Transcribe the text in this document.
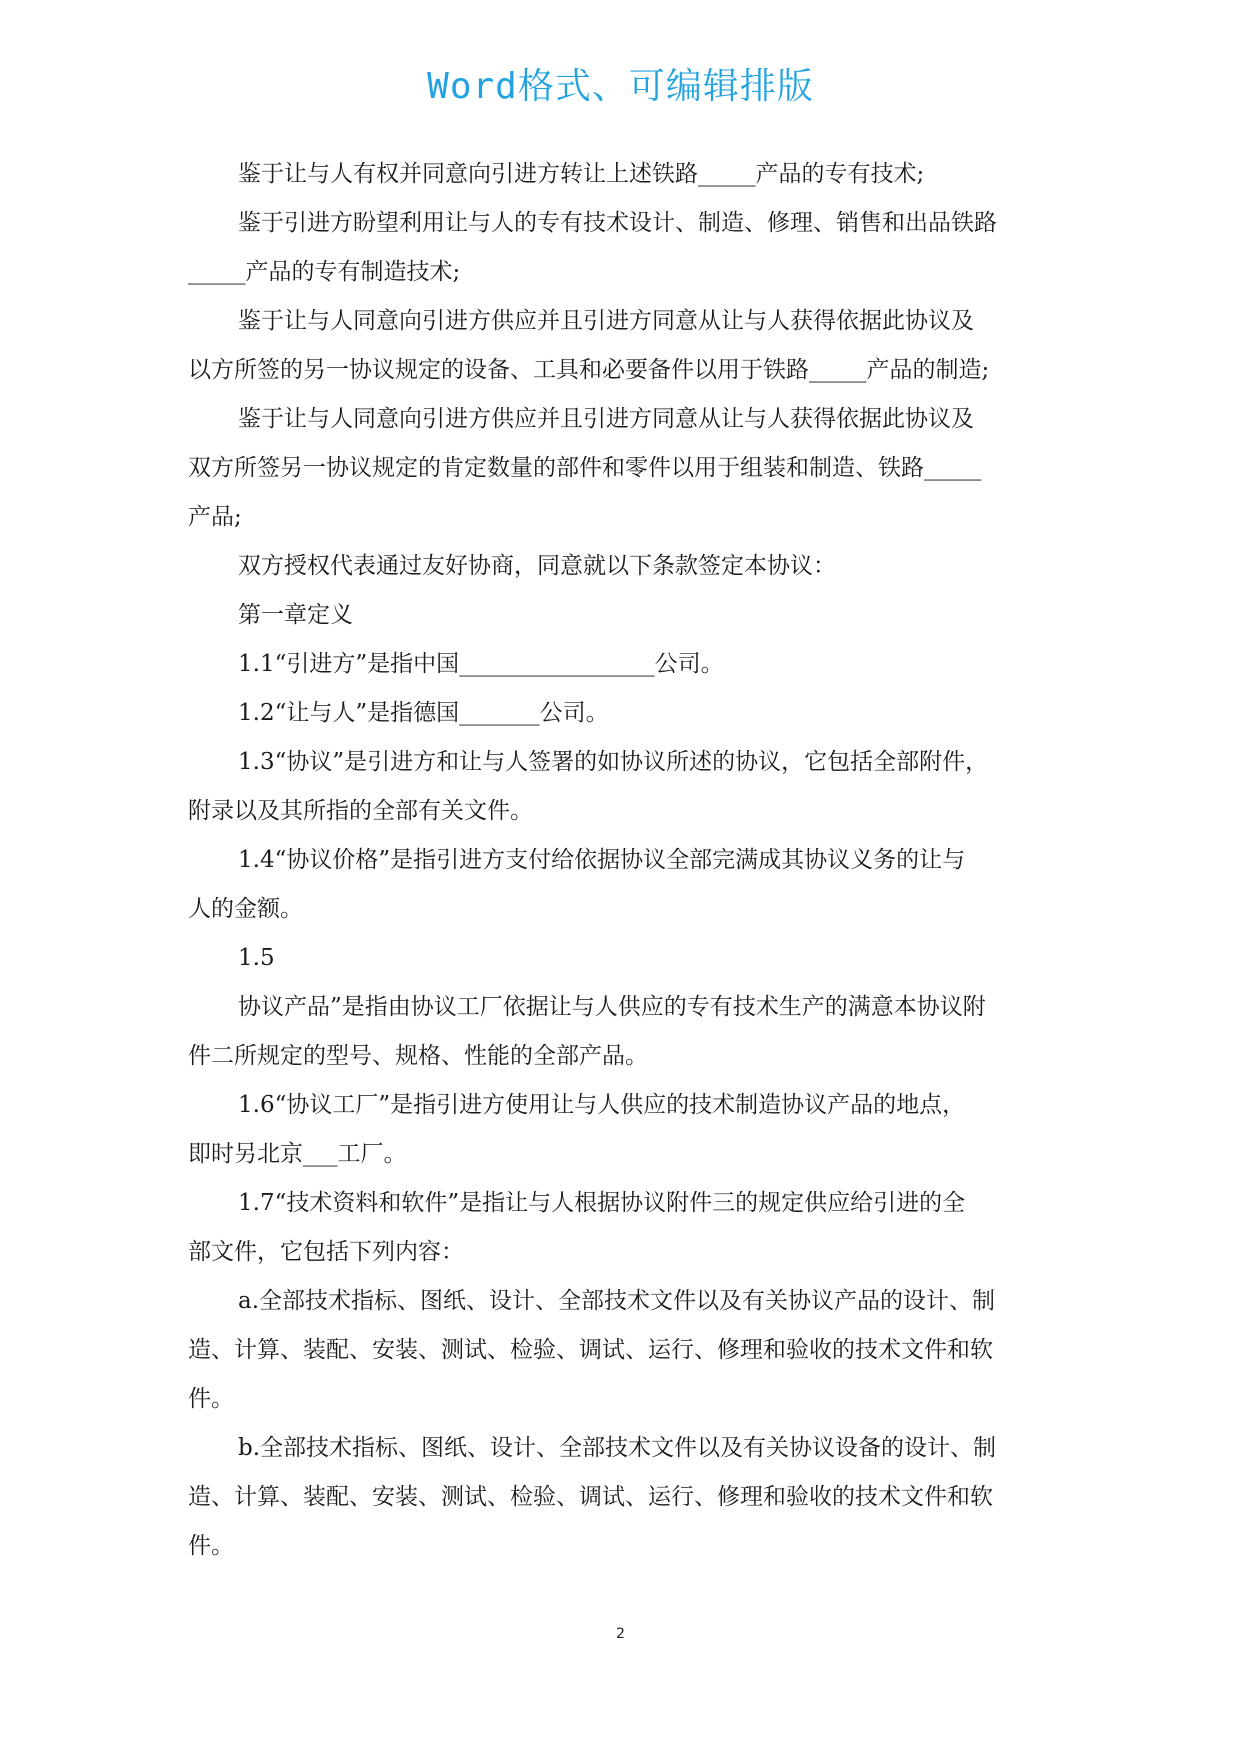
Word格式、可编辑排版

鉴于让与人有权并同意向引进方转让上述铁路_____产品的专有技术;

鉴于引进方盼望利用让与人的专有技术设计、制造、修理、销售和出品铁路

_____产品的专有制造技术;

鉴于让与人同意向引进方供应并且引进方同意从让与人获得依据此协议及

以方所签的另一协议规定的设备、工具和必要备件以用于铁路_____产品的制造;

鉴于让与人同意向引进方供应并且引进方同意从让与人获得依据此协议及

双方所签另一协议规定的肯定数量的部件和零件以用于组装和制造、铁路_____

产品;

双方授权代表通过友好协商，同意就以下条款签定本协议：

第一章定义

1.1“引进方”是指中国_________________公司。

1.2“让与人”是指德国_______公司。

1.3“协议”是引进方和让与人签署的如协议所述的协议，它包括全部附件，

附录以及其所指的全部有关文件。

1.4“协议价格”是指引进方支付给依据协议全部完满成其协议义务的让与

人的金额。

1.5

协议产品”是指由协议工厂依据让与人供应的专有技术生产的满意本协议附

件二所规定的型号、规格、性能的全部产品。

1.6“协议工厂”是指引进方使用让与人供应的技术制造协议产品的地点，

即时另北京___工厂。

1.7“技术资料和软件”是指让与人根据协议附件三的规定供应给引进的全

部文件，它包括下列内容：

a.全部技术指标、图纸、设计、全部技术文件以及有关协议产品的设计、制

造、计算、装配、安装、测试、检验、调试、运行、修理和验收的技术文件和软

件。

b.全部技术指标、图纸、设计、全部技术文件以及有关协议设备的设计、制

造、计算、装配、安装、测试、检验、调试、运行、修理和验收的技术文件和软

件。

2
